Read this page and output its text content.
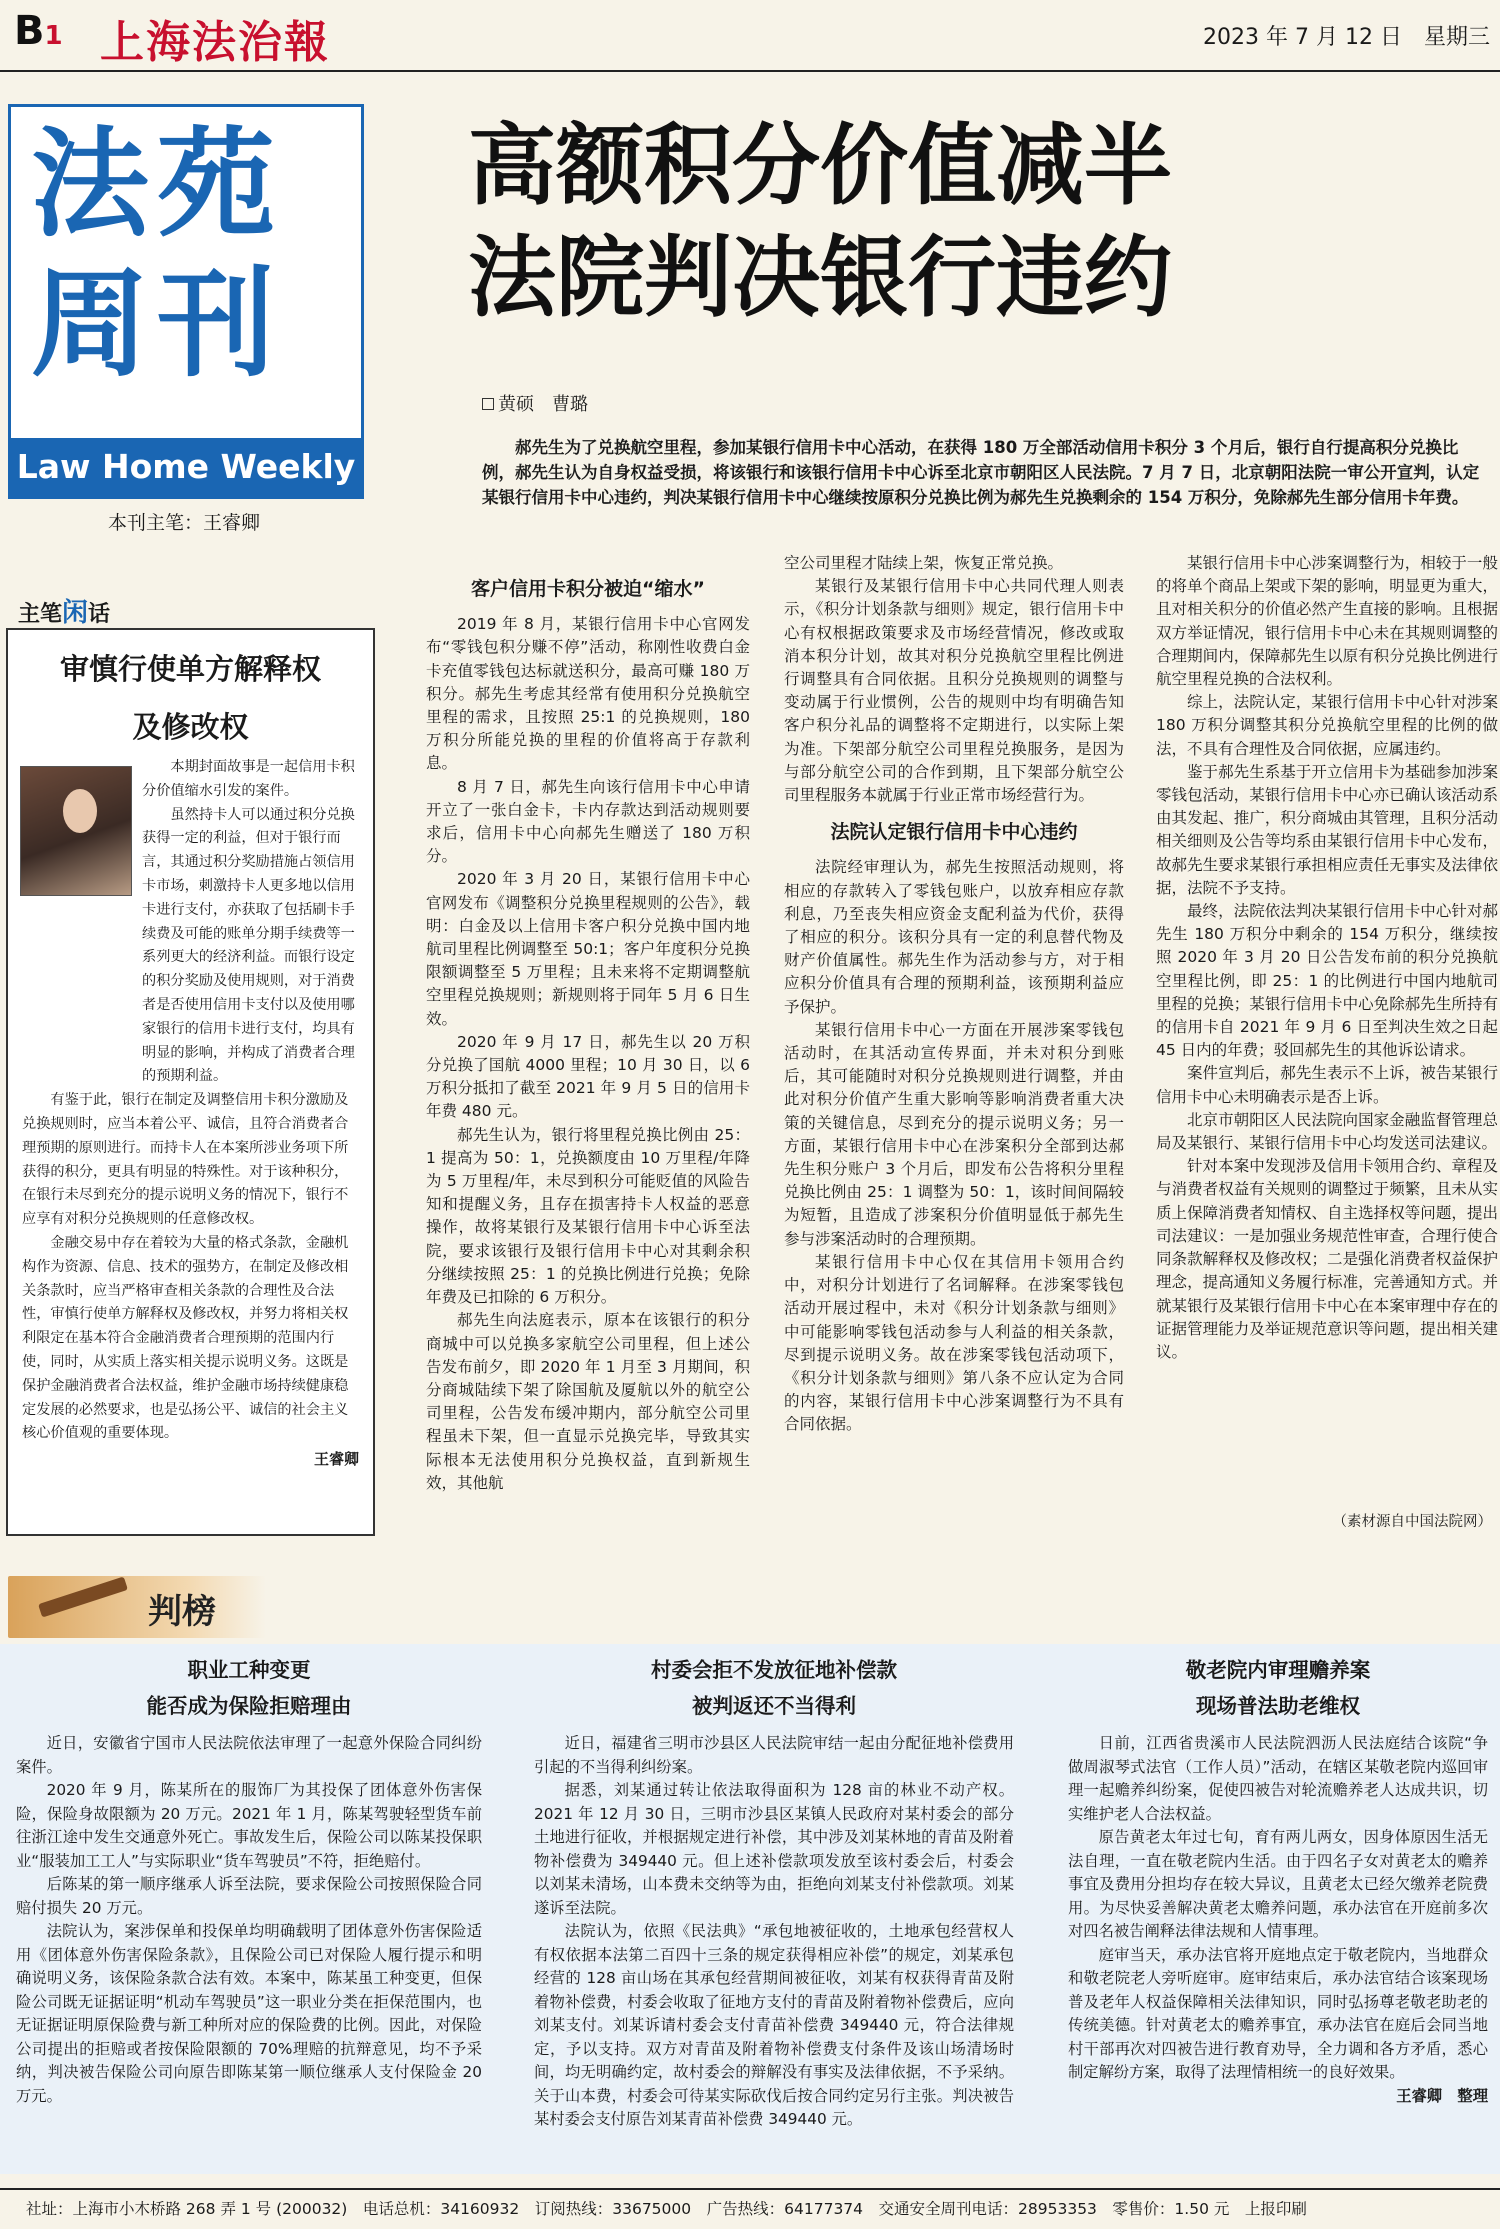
B1 上海法治報	2023 年 7 月 12 日　星期三
法苑
周刊
Law Home Weekly
本刊主笔：王睿卿
高额积分价值减半
法院判决银行违约
黄硕　曹璐
郝先生为了兑换航空里程，参加某银行信用卡中心活动，在获得 180 万全部活动信用卡积分 3 个月后，银行自行提高积分兑换比例，郝先生认为自身权益受损，将该银行和该银行信用卡中心诉至北京市朝阳区人民法院。7 月 7 日，北京朝阳法院一审公开宣判，认定某银行信用卡中心违约，判决某银行信用卡中心继续按原积分兑换比例为郝先生兑换剩余的 154 万积分，免除郝先生部分信用卡年费。
主笔闲话
审慎行使单方解释权
及修改权
　　本期封面故事是一起信用卡积分价值缩水引发的案件。
　　虽然持卡人可以通过积分兑换获得一定的利益，但对于银行而言，其通过积分奖励措施占领信用卡市场，刺激持卡人更多地以信用卡进行支付，亦获取了包括刷卡手续费及可能的账单分期手续费等一系列更大的经济利益。而银行设定的积分奖励及使用规则，对于消费者是否使用信用卡支付以及使用哪家银行的信用卡进行支付，均具有明显的影响，并构成了消费者合理的预期利益。
　　有鉴于此，银行在制定及调整信用卡积分激励及兑换规则时，应当本着公平、诚信，且符合消费者合理预期的原则进行。而持卡人在本案所涉业务项下所获得的积分，更具有明显的特殊性。对于该种积分，在银行未尽到充分的提示说明义务的情况下，银行不应享有对积分兑换规则的任意修改权。
　　金融交易中存在着较为大量的格式条款，金融机构作为资源、信息、技术的强势方，在制定及修改相关条款时，应当严格审查相关条款的合理性及合法性，审慎行使单方解释权及修改权，并努力将相关权利限定在基本符合金融消费者合理预期的范围内行使，同时，从实质上落实相关提示说明义务。这既是保护金融消费者合法权益，维护金融市场持续健康稳定发展的必然要求，也是弘扬公平、诚信的社会主义核心价值观的重要体现。
王睿卿
客户信用卡积分被迫“缩水”

2019 年 8 月，某银行信用卡中心官网发布“零钱包积分赚不停”活动，称刚性收费白金卡充值零钱包达标就送积分，最高可赚 180 万积分。郝先生考虑其经常有使用积分兑换航空里程的需求，且按照 25:1 的兑换规则，180 万积分所能兑换的里程的价值将高于存款利息。

8 月 7 日，郝先生向该行信用卡中心申请开立了一张白金卡，卡内存款达到活动规则要求后，信用卡中心向郝先生赠送了 180 万积分。

2020 年 3 月 20 日，某银行信用卡中心官网发布《调整积分兑换里程规则的公告》，载明：白金及以上信用卡客户积分兑换中国内地航司里程比例调整至 50:1；客户年度积分兑换限额调整至 5 万里程；且未来将不定期调整航空里程兑换规则；新规则将于同年 5 月 6 日生效。

2020 年 9 月 17 日，郝先生以 20 万积分兑换了国航 4000 里程；10 月 30 日，以 6 万积分抵扣了截至 2021 年 9 月 5 日的信用卡年费 480 元。

郝先生认为，银行将里程兑换比例由 25：1 提高为 50：1，兑换额度由 10 万里程/年降为 5 万里程/年，未尽到积分可能贬值的风险告知和提醒义务，且存在损害持卡人权益的恶意操作，故将某银行及某银行信用卡中心诉至法院，要求该银行及银行信用卡中心对其剩余积分继续按照 25：1 的兑换比例进行兑换；免除年费及已扣除的 6 万积分。

郝先生向法庭表示，原本在该银行的积分商城中可以兑换多家航空公司里程，但上述公告发布前夕，即 2020 年 1 月至 3 月期间，积分商城陆续下架了除国航及厦航以外的航空公司里程，公告发布缓冲期内，部分航空公司里程虽未下架，但一直显示兑换完毕，导致其实际根本无法使用积分兑换权益，直到新规生效，其他航

空公司里程才陆续上架，恢复正常兑换。

某银行及某银行信用卡中心共同代理人则表示，《积分计划条款与细则》规定，银行信用卡中心有权根据政策要求及市场经营情况，修改或取消本积分计划，故其对积分兑换航空里程比例进行调整具有合同依据。且积分兑换规则的调整与变动属于行业惯例，公告的规则中均有明确告知客户积分礼品的调整将不定期进行，以实际上架为准。下架部分航空公司里程兑换服务，是因为与部分航空公司的合作到期，且下架部分航空公司里程服务本就属于行业正常市场经营行为。

法院认定银行信用卡中心违约

法院经审理认为，郝先生按照活动规则，将相应的存款转入了零钱包账户，以放弃相应存款利息，乃至丧失相应资金支配利益为代价，获得了相应的积分。该积分具有一定的利息替代物及财产价值属性。郝先生作为活动参与方，对于相应积分价值具有合理的预期利益，该预期利益应予保护。

某银行信用卡中心一方面在开展涉案零钱包活动时，在其活动宣传界面，并未对积分到账后，其可能随时对积分兑换规则进行调整，并由此对积分价值产生重大影响等影响消费者重大决策的关键信息，尽到充分的提示说明义务；另一方面，某银行信用卡中心在涉案积分全部到达郝先生积分账户 3 个月后，即发布公告将积分里程兑换比例由 25：1 调整为 50：1，该时间间隔较为短暂，且造成了涉案积分价值明显低于郝先生参与涉案活动时的合理预期。

某银行信用卡中心仅在其信用卡领用合约中，对积分计划进行了名词解释。在涉案零钱包活动开展过程中，未对《积分计划条款与细则》中可能影响零钱包活动参与人利益的相关条款，尽到提示说明义务。故在涉案零钱包活动项下，《积分计划条款与细则》第八条不应认定为合同的内容，某银行信用卡中心涉案调整行为不具有合同依据。

某银行信用卡中心涉案调整行为，相较于一般的将单个商品上架或下架的影响，明显更为重大，且对相关积分的价值必然产生直接的影响。且根据双方举证情况，银行信用卡中心未在其规则调整的合理期间内，保障郝先生以原有积分兑换比例进行航空里程兑换的合法权利。

综上，法院认定，某银行信用卡中心针对涉案 180 万积分调整其积分兑换航空里程的比例的做法，不具有合理性及合同依据，应属违约。

鉴于郝先生系基于开立信用卡为基础参加涉案零钱包活动，某银行信用卡中心亦已确认该活动系由其发起、推广，积分商城由其管理，且积分活动相关细则及公告等均系由某银行信用卡中心发布，故郝先生要求某银行承担相应责任无事实及法律依据，法院不予支持。

最终，法院依法判决某银行信用卡中心针对郝先生 180 万积分中剩余的 154 万积分，继续按照 2020 年 3 月 20 日公告发布前的积分兑换航空里程比例，即 25：1 的比例进行中国内地航司里程的兑换；某银行信用卡中心免除郝先生所持有的信用卡自 2021 年 9 月 6 日至判决生效之日起 45 日内的年费；驳回郝先生的其他诉讼请求。

案件宣判后，郝先生表示不上诉，被告某银行信用卡中心未明确表示是否上诉。

北京市朝阳区人民法院向国家金融监督管理总局及某银行、某银行信用卡中心均发送司法建议。

针对本案中发现涉及信用卡领用合约、章程及与消费者权益有关规则的调整过于频繁，且未从实质上保障消费者知情权、自主选择权等问题，提出司法建议：一是加强业务规范性审查，合理行使合同条款解释权及修改权；二是强化消费者权益保护理念，提高通知义务履行标准，完善通知方式。并就某银行及某银行信用卡中心在本案审理中存在的证据管理能力及举证规范意识等问题，提出相关建议。

（素材源自中国法院网）
判榜
职业工种变更
能否成为保险拒赔理由

近日，安徽省宁国市人民法院依法审理了一起意外保险合同纠纷案件。

2020 年 9 月，陈某所在的服饰厂为其投保了团体意外伤害保险，保险身故限额为 20 万元。2021 年 1 月，陈某驾驶轻型货车前往浙江途中发生交通意外死亡。事故发生后，保险公司以陈某投保职业“服装加工工人”与实际职业“货车驾驶员”不符，拒绝赔付。

后陈某的第一顺序继承人诉至法院，要求保险公司按照保险合同赔付损失 20 万元。

法院认为，案涉保单和投保单均明确载明了团体意外伤害保险适用《团体意外伤害保险条款》，且保险公司已对保险人履行提示和明确说明义务，该保险条款合法有效。本案中，陈某虽工种变更，但保险公司既无证据证明“机动车驾驶员”这一职业分类在拒保范围内，也无证据证明原保险费与新工种所对应的保险费的比例。因此，对保险公司提出的拒赔或者按保险限额的 70%理赔的抗辩意见，均不予采纳，判决被告保险公司向原告即陈某第一顺位继承人支付保险金 20 万元。

村委会拒不发放征地补偿款
被判返还不当得利

近日，福建省三明市沙县区人民法院审结一起由分配征地补偿费用引起的不当得利纠纷案。

据悉，刘某通过转让依法取得面积为 128 亩的林业不动产权。2021 年 12 月 30 日，三明市沙县区某镇人民政府对某村委会的部分土地进行征收，并根据规定进行补偿，其中涉及刘某林地的青苗及附着物补偿费为 349440 元。但上述补偿款项发放至该村委会后，村委会以刘某未清场，山本费未交纳等为由，拒绝向刘某支付补偿款项。刘某遂诉至法院。

法院认为，依照《民法典》“承包地被征收的，土地承包经营权人有权依据本法第二百四十三条的规定获得相应补偿”的规定，刘某承包经营的 128 亩山场在其承包经营期间被征收，刘某有权获得青苗及附着物补偿费，村委会收取了征地方支付的青苗及附着物补偿费后，应向刘某支付。刘某诉请村委会支付青苗补偿费 349440 元，符合法律规定，予以支持。双方对青苗及附着物补偿费支付条件及该山场清场时间，均无明确约定，故村委会的辩解没有事实及法律依据，不予采纳。关于山本费，村委会可待某实际砍伐后按合同约定另行主张。判决被告某村委会支付原告刘某青苗补偿费 349440 元。

敬老院内审理赡养案
现场普法助老维权

日前，江西省贵溪市人民法院泗沥人民法庭结合该院“争做周淑琴式法官（工作人员）”活动，在辖区某敬老院内巡回审理一起赡养纠纷案，促使四被告对轮流赡养老人达成共识，切实维护老人合法权益。

原告黄老太年过七旬，育有两儿两女，因身体原因生活无法自理，一直在敬老院内生活。由于四名子女对黄老太的赡养事宜及费用分担均存在较大异议，且黄老太已经欠缴养老院费用。为尽快妥善解决黄老太赡养问题，承办法官在开庭前多次对四名被告阐释法律法规和人情事理。

庭审当天，承办法官将开庭地点定于敬老院内，当地群众和敬老院老人旁听庭审。庭审结束后，承办法官结合该案现场普及老年人权益保障相关法律知识，同时弘扬尊老敬老助老的传统美德。针对黄老太的赡养事宜，承办法官在庭后会同当地村干部再次对四被告进行教育劝导，全力调和各方矛盾，悉心制定解纷方案，取得了法理情相统一的良好效果。

王睿卿　整理
社址：上海市小木桥路 268 弄 1 号 (200032)　电话总机：34160932　订阅热线：33675000　广告热线：64177374　交通安全周刊电话：28953353　零售价：1.50 元　上报印刷
